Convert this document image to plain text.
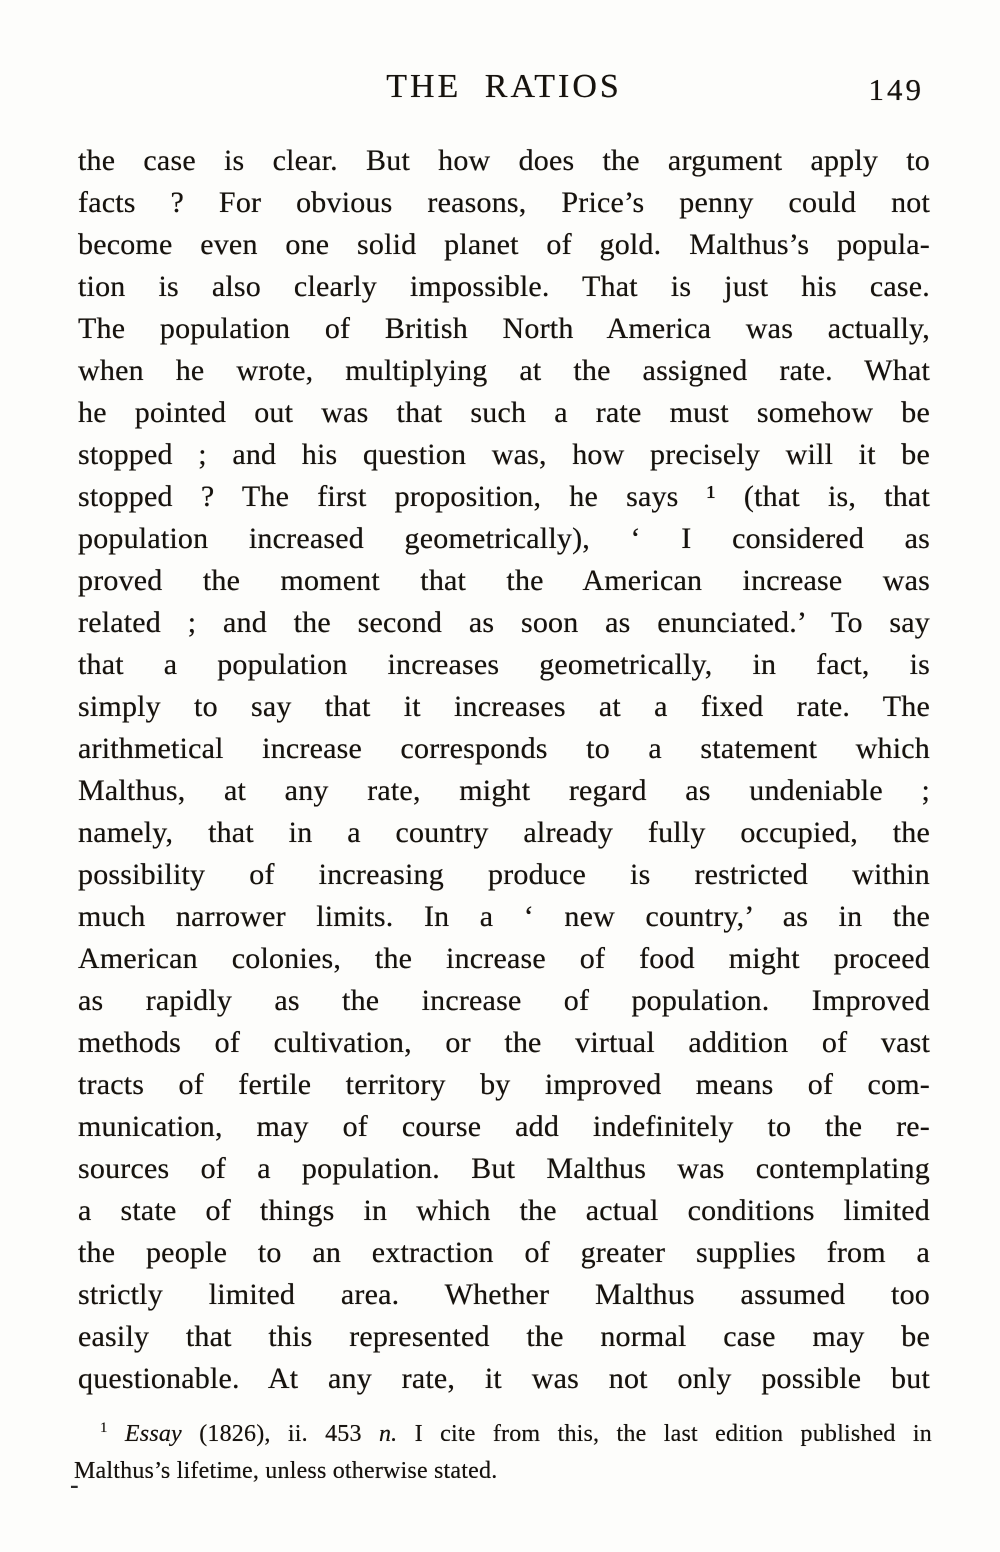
THE RATIOS	149
the case is clear. But how does the argument apply to
facts ? For obvious reasons, Price’s penny could not
become even one solid planet of gold. Malthus’s popula-
tion is also clearly impossible. That is just his case.
The population of British North America was actually,
when he wrote, multiplying at the assigned rate. What
he pointed out was that such a rate must somehow be
stopped ; and his question was, how precisely will it be
stopped ? The first proposition, he says ¹ (that is, that
population increased geometrically), ‘ I considered as
proved the moment that the American increase was
related ; and the second as soon as enunciated.’ To say
that a population increases geometrically, in fact, is
simply to say that it increases at a fixed rate. The
arithmetical increase corresponds to a statement which
Malthus, at any rate, might regard as undeniable ;
namely, that in a country already fully occupied, the
possibility of increasing produce is restricted within
much narrower limits. In a ‘ new country,’ as in the
American colonies, the increase of food might proceed
as rapidly as the increase of population. Improved
methods of cultivation, or the virtual addition of vast
tracts of fertile territory by improved means of com-
munication, may of course add indefinitely to the re-
sources of a population. But Malthus was contemplating
a state of things in which the actual conditions limited
the people to an extraction of greater supplies from a
strictly limited area. Whether Malthus assumed too
easily that this represented the normal case may be
questionable. At any rate, it was not only possible but
$^1$ Essay (1826), ii. 453 n. I cite from this, the last edition published in
Malthus’s lifetime, unless otherwise stated.
-
